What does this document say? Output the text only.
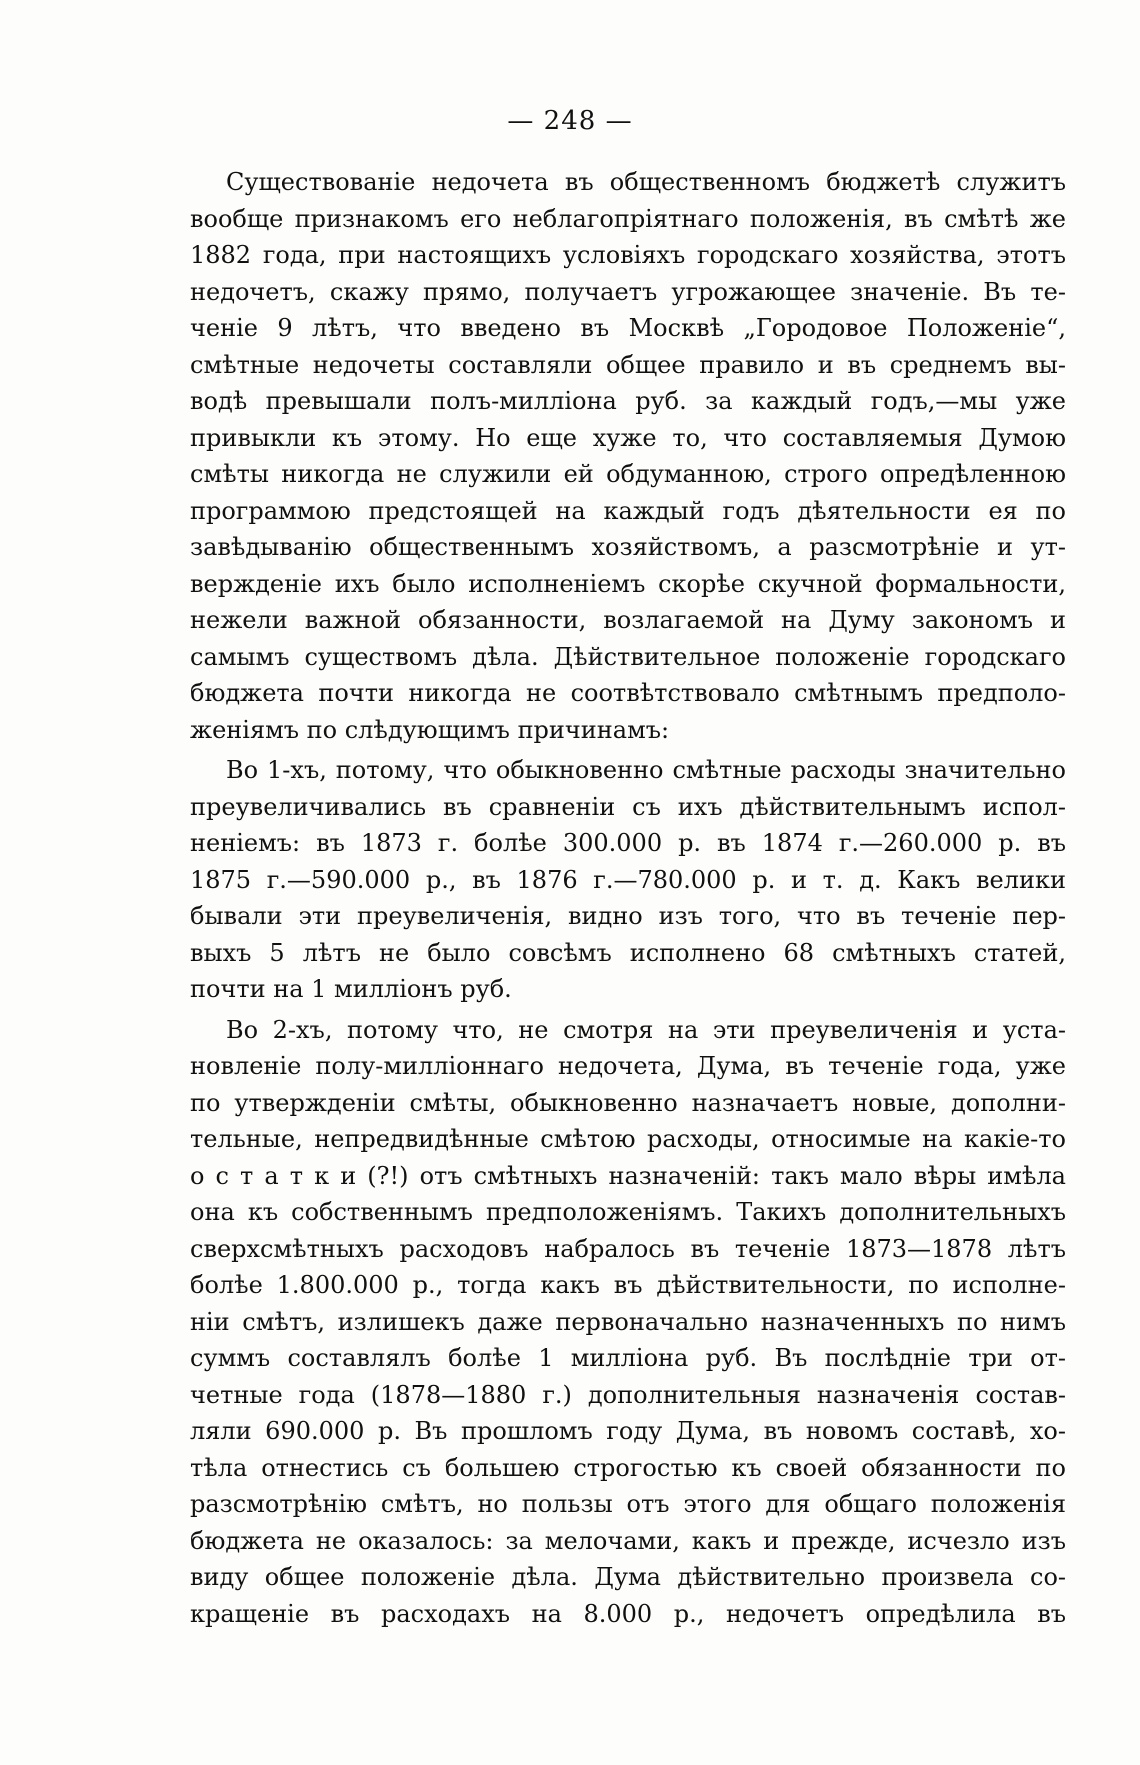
— 248 —
Существованіе недочета въ общественномъ бюджетѣ служитъ
вообще признакомъ его неблагопріятнаго положенія, въ смѣтѣ же
1882 года, при настоящихъ условіяхъ городскаго хозяйства, этотъ
недочетъ, скажу прямо, получаетъ угрожающее значеніе. Въ те-
ченіе 9 лѣтъ, что введено въ Москвѣ „Городовое Положеніе“,
смѣтные недочеты составляли общее правило и въ среднемъ вы-
водѣ превышали полъ-милліона руб. за каждый годъ,—мы уже
привыкли къ этому. Но еще хуже то, что составляемыя Думою
смѣты никогда не служили ей обдуманною, строго опредѣленною
программою предстоящей на каждый годъ дѣятельности ея по
завѣдыванію общественнымъ хозяйствомъ, а разсмотрѣніе и ут-
вержденіе ихъ было исполненіемъ скорѣе скучной формальности,
нежели важной обязанности, возлагаемой на Думу закономъ и
самымъ существомъ дѣла. Дѣйствительное положеніе городскаго
бюджета почти никогда не соотвѣтствовало смѣтнымъ предполо-
женіямъ по слѣдующимъ причинамъ:
Во 1-хъ, потому, что обыкновенно смѣтные расходы значительно
преувеличивались въ сравненіи съ ихъ дѣйствительнымъ испол-
неніемъ: въ 1873 г. болѣе 300.000 р. въ 1874 г.—260.000 р. въ
1875 г.—590.000 р., въ 1876 г.—780.000 р. и т. д. Какъ велики
бывали эти преувеличенія, видно изъ того, что въ теченіе пер-
выхъ 5 лѣтъ не было совсѣмъ исполнено 68 смѣтныхъ статей,
почти на 1 милліонъ руб.
Во 2-хъ, потому что, не смотря на эти преувеличенія и уста-
новленіе полу-милліоннаго недочета, Дума, въ теченіе года, уже
по утвержденіи смѣты, обыкновенно назначаетъ новые, дополни-
тельные, непредвидѣнные смѣтою расходы, относимые на какіе-то
о с т а т к и (?!) отъ смѣтныхъ назначеній: такъ мало вѣры имѣла
она къ собственнымъ предположеніямъ. Такихъ дополнительныхъ
сверхсмѣтныхъ расходовъ набралось въ теченіе 1873—1878 лѣтъ
болѣе 1.800.000 р., тогда какъ въ дѣйствительности, по исполне-
ніи смѣтъ, излишекъ даже первоначально назначенныхъ по нимъ
суммъ составлялъ болѣе 1 милліона руб. Въ послѣдніе три от-
четные года (1878—1880 г.) дополнительныя назначенія состав-
ляли 690.000 р. Въ прошломъ году Дума, въ новомъ составѣ, хо-
тѣла отнестись съ большею строгостью къ своей обязанности по
разсмотрѣнію смѣтъ, но пользы отъ этого для общаго положенія
бюджета не оказалось: за мелочами, какъ и прежде, исчезло изъ
виду общее положеніе дѣла. Дума дѣйствительно произвела со-
кращеніе въ расходахъ на 8.000 р., недочетъ опредѣлила въ
